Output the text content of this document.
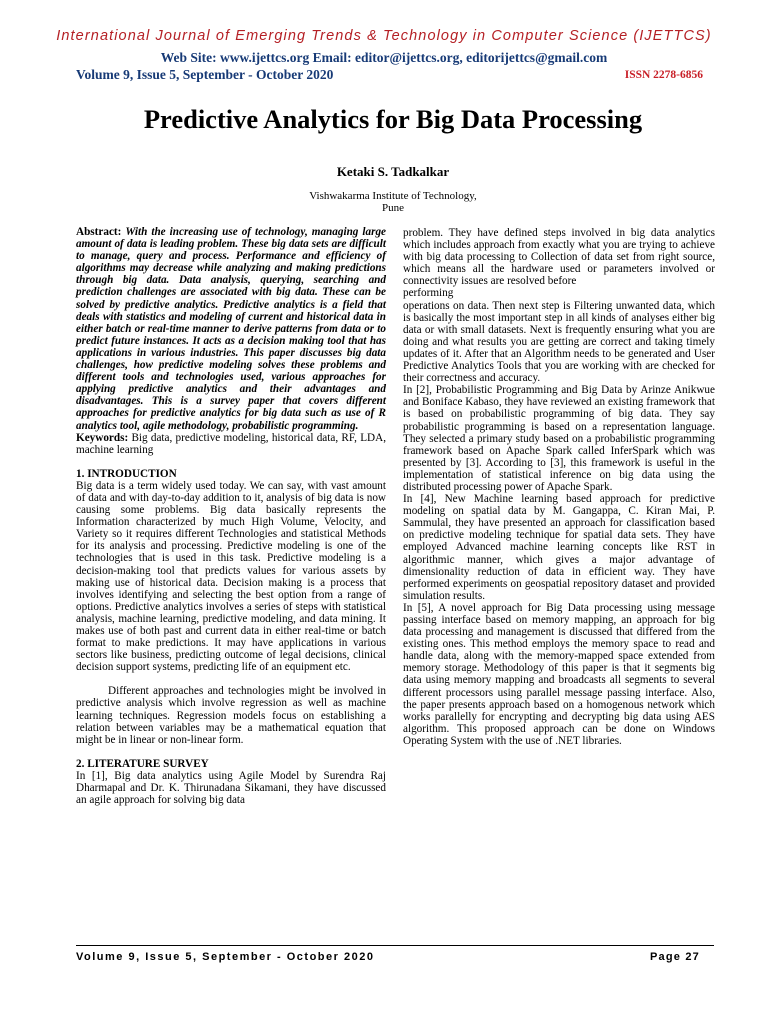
International Journal of Emerging Trends & Technology in Computer Science (IJETTCS)
Web Site: www.ijettcs.org Email: editor@ijettcs.org, editorijettcs@gmail.com
Volume 9, Issue 5, September - October 2020	ISSN 2278-6856
Predictive Analytics for Big Data Processing
Ketaki S. Tadkalkar
Vishwakarma Institute of Technology,
Pune

Abstract: With the increasing use of technology, managing large amount of data is leading problem. These big data sets are difficult to manage, query and process. Performance and efficiency of algorithms may decrease while analyzing and making predictions through big data. Data analysis, querying, searching and prediction challenges are associated with big data. These can be solved by predictive analytics. Predictive analytics is a field that deals with statistics and modeling of current and historical data in either batch or real-time manner to derive patterns from data or to predict future instances. It acts as a decision making tool that has applications in various industries. This paper discusses big data challenges, how predictive modeling solves these problems and different tools and technologies used, various approaches for applying predictive analytics and their advantages and disadvantages. This is a survey paper that covers different approaches for predictive analytics for big data such as use of R analytics tool, agile methodology, probabilistic programming.

Keywords: Big data, predictive modeling, historical data, RF, LDA, machine learning

1. INTRODUCTION

Big data is a term widely used today. We can say, with vast amount of data and with day-to-day addition to it, analysis of big data is now causing some problems. Big data basically represents the Information characterized by much High Volume, Velocity, and Variety so it requires different Technologies and statistical Methods for its analysis and processing. Predictive modeling is one of the technologies that is used in this task. Predictive modeling is a decision-making tool that predicts values for various assets by making use of historical data. Decision making is a process that involves identifying and selecting the best option from a range of options. Predictive analytics involves a series of steps with statistical analysis, machine learning, predictive modeling, and data mining. It makes use of both past and current data in either real-time or batch format to make predictions. It may have applications in various sectors like business, predicting outcome of legal decisions, clinical decision support systems, predicting life of an equipment etc.

Different approaches and technologies might be involved in predictive analysis which involve regression as well as machine learning techniques. Regression models focus on establishing a relation between variables may be a mathematical equation that might be in linear or non-linear form.

2. LITERATURE SURVEY

In [1], Big data analytics using Agile Model by Surendra Raj Dharmapal and Dr. K. Thirunadana Sikamani, they have discussed an agile approach for solving big data

problem. They have defined steps involved in big data analytics which includes approach from exactly what you are trying to achieve with big data processing to Collection of data set from right source, which means all the hardware used or parameters involved or connectivity issues are resolved before

performing

operations on data. Then next step is Filtering unwanted data, which is basically the most important step in all kinds of analyses either big data or with small datasets. Next is frequently ensuring what you are doing and what results you are getting are correct and taking timely updates of it. After that an Algorithm needs to be generated and User Predictive Analytics Tools that you are working with are checked for their correctness and accuracy.

In [2], Probabilistic Programming and Big Data by Arinze Anikwue and Boniface Kabaso, they have reviewed an existing framework that is based on probabilistic programming of big data. They say probabilistic programming is based on a representation language. They selected a primary study based on a probabilistic programming framework based on Apache Spark called InferSpark which was presented by [3]. According to [3], this framework is useful in the implementation of statistical inference on big data using the distributed processing power of Apache Spark.

In [4], New Machine learning based approach for predictive modeling on spatial data by M. Gangappa, C. Kiran Mai, P. Sammulal, they have presented an approach for classification based on predictive modeling technique for spatial data sets. They have employed Advanced machine learning concepts like RST in algorithmic manner, which gives a major advantage of dimensionality reduction of data in efficient way. They have performed experiments on geospatial repository dataset and provided simulation results.

In [5], A novel approach for Big Data processing using message passing interface based on memory mapping, an approach for big data processing and management is discussed that differed from the existing ones. This method employs the memory space to read and handle data, along with the memory-mapped space extended from memory storage. Methodology of this paper is that it segments big data using memory mapping and broadcasts all segments to several different processors using parallel message passing interface. Also, the paper presents approach based on a homogenous network which works parallelly for encrypting and decrypting big data using AES algorithm. This proposed approach can be done on Windows Operating System with the use of .NET libraries.

Volume 9, Issue 5, September - October 2020	Page 27
